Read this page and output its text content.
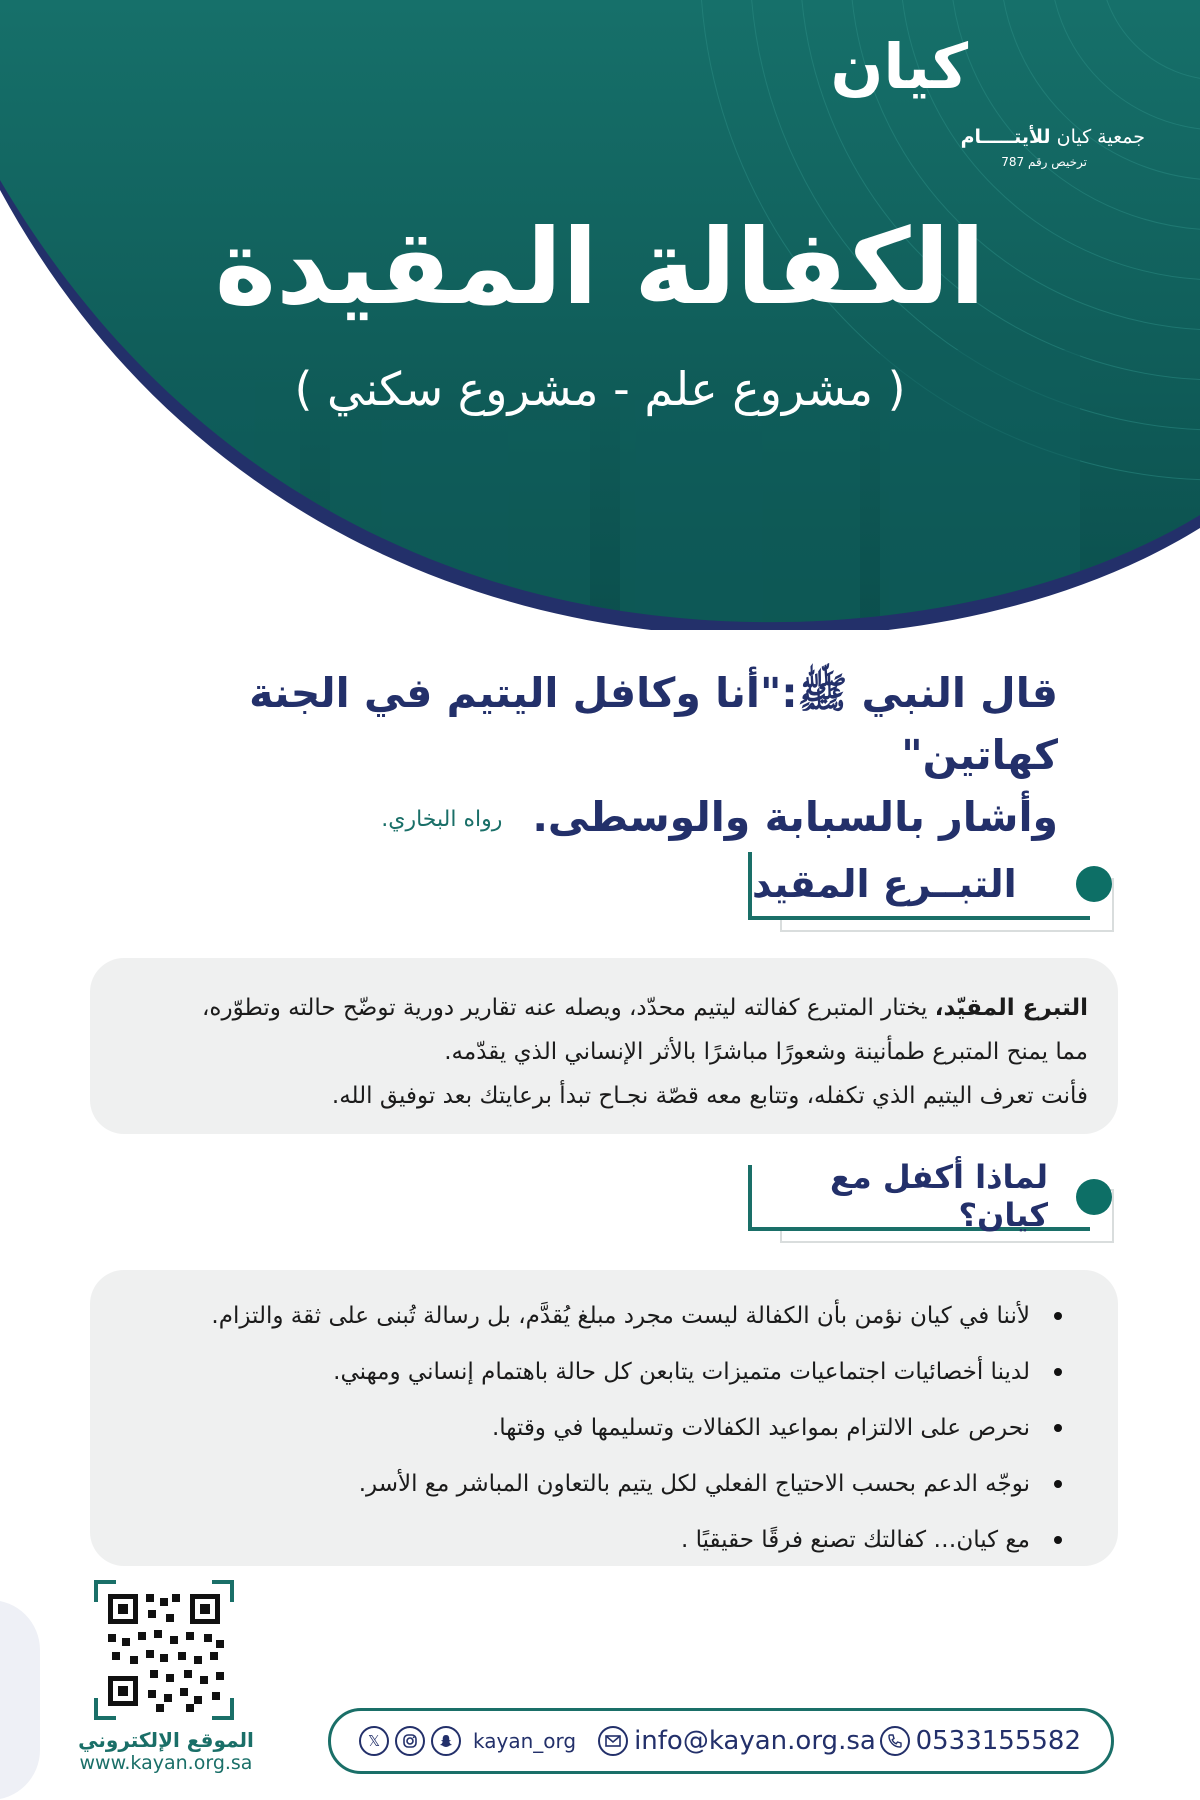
كيان
جمعية كيان للأيتـــــام
ترخيص رقم 787
الكفالة المقيدة
( مشروع علم - مشروع سكني )
قال النبي ﷺ:"أنا وكافل اليتيم في الجنة كهاتين"
وأشار بالسبابة والوسطى.رواه البخاري.
التبــرع المقيد
التبرع المقيّد، يختار المتبرع كفالته ليتيم محدّد، ويصله عنه تقارير دورية توضّح حالته وتطوّره،
مما يمنح المتبرع طمأنينة وشعورًا مباشرًا بالأثر الإنساني الذي يقدّمه.
فأنت تعرف اليتيم الذي تكفله، وتتابع معه قصّة نجـاح تبدأ برعايتك بعد توفيق الله.
لماذا أكفل مع كيان؟
لأننا في كيان نؤمن بأن الكفالة ليست مجرد مبلغ يُقدَّم، بل رسالة تُبنى على ثقة والتزام.
لدينا أخصائيات اجتماعيات متميزات يتابعن كل حالة باهتمام إنساني ومهني.
نحرص على الالتزام بمواعيد الكفالات وتسليمها في وقتها.
نوجّه الدعم بحسب الاحتياج الفعلي لكل يتيم بالتعاون المباشر مع الأسر.
مع كيان… كفالتك تصنع فرقًا حقيقيًا .
الموقع الإلكتروني
www.kayan.org.sa
𝕏	kayan_org info@kayan.org.sa 0533155582
